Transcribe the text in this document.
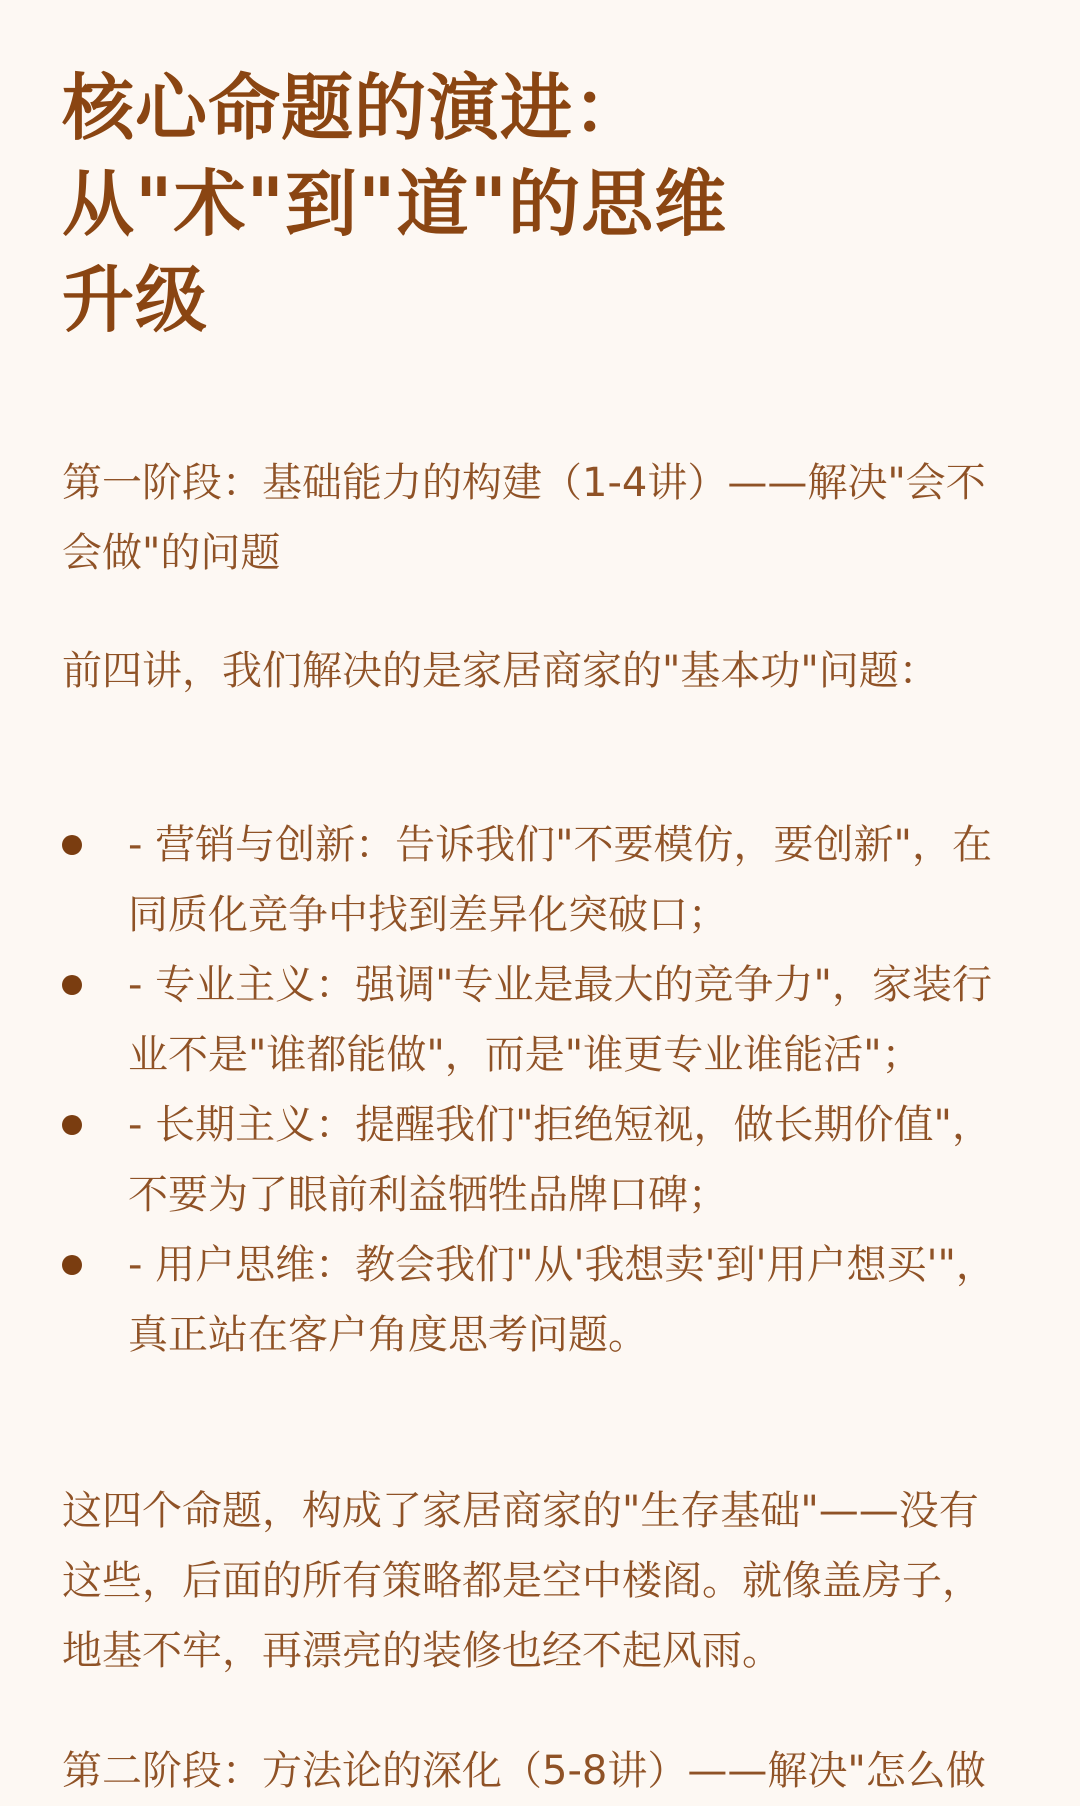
核心命题的演进：从"术"到"道"的思维升级

第一阶段：基础能力的构建（1-4讲）——解决"会不会做"的问题

前四讲，我们解决的是家居商家的"基本功"问题：

- 营销与创新：告诉我们"不要模仿，要创新"，在同质化竞争中找到差异化突破口；
- 专业主义：强调"专业是最大的竞争力"，家装行业不是"谁都能做"，而是"谁更专业谁能活"；
- 长期主义：提醒我们"拒绝短视，做长期价值"，不要为了眼前利益牺牲品牌口碑；
- 用户思维：教会我们"从'我想卖'到'用户想买'"，真正站在客户角度思考问题。

这四个命题，构成了家居商家的"生存基础"——没有这些，后面的所有策略都是空中楼阁。就像盖房子，地基不牢，再漂亮的装修也经不起风雨。

第二阶段：方法论的深化（5-8讲）——解决"怎么做
